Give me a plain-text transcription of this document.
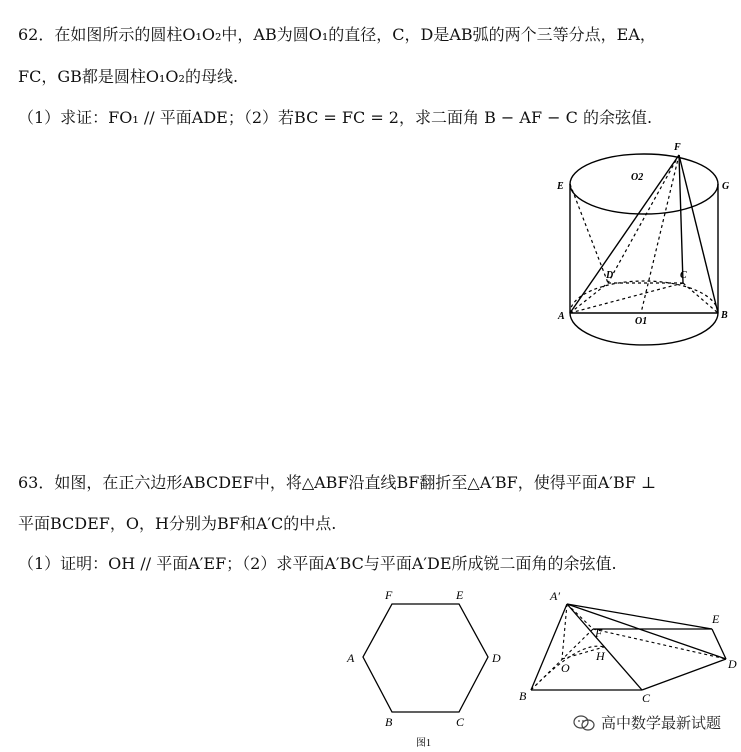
62．在如图所示的圆柱O₁O₂中，AB为圆O₁的直径，C，D是AB弧的两个三等分点，EA，
FC，GB都是圆柱O₁O₂的母线.
（1）求证：FO₁ // 平面ADE；（2）若BC = FC = 2，求二面角 B − AF − C 的余弦值.
F
E	G
O2
D	C
A	B
O1
63．如图，在正六边形ABCDEF中，将△ABF沿直线BF翻折至△A′BF，使得平面A′BF ⊥
平面BCDEF，O，H分别为BF和A′C的中点.
（1）证明：OH // 平面A′EF；（2）求平面A′BC与平面A′DE所成锐二面角的余弦值.
F	E
A	D
B	C
图1
A′
E
F
H
O	D
B	C
高中数学最新试题
